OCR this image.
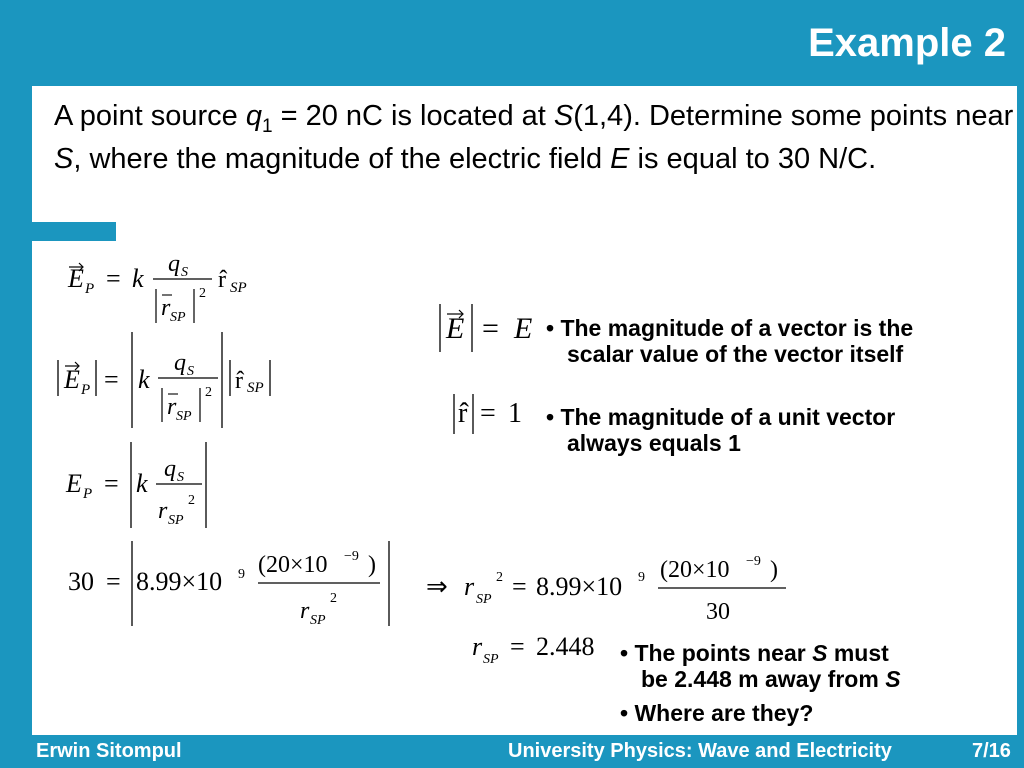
Example 2
A point source $q_1 = 20$ nC is located at S(1,4). Determine some points near S, where the magnitude of the electric field E is equal to 30 N/C.
E P = k q S
r SP
2
r̂ SP
E P = k
q S
r SP
2 r̂ SP
E P = k q S
r SP
2
30 = 8.99×10 9 (20×10 −9 )
r SP
2	⇒ r SP
2 = 8.99×10 9 (20×10 −9 )
30
r SP = 2.448
E = E
r̂ = 1
• The magnitude of a vector is the
scalar value of the vector itself
• The magnitude of a unit vector
always equals 1
• The points near S must
be 2.448 m away from S
• Where are they?
Erwin Sitompul	University Physics: Wave and Electricity	7/16
